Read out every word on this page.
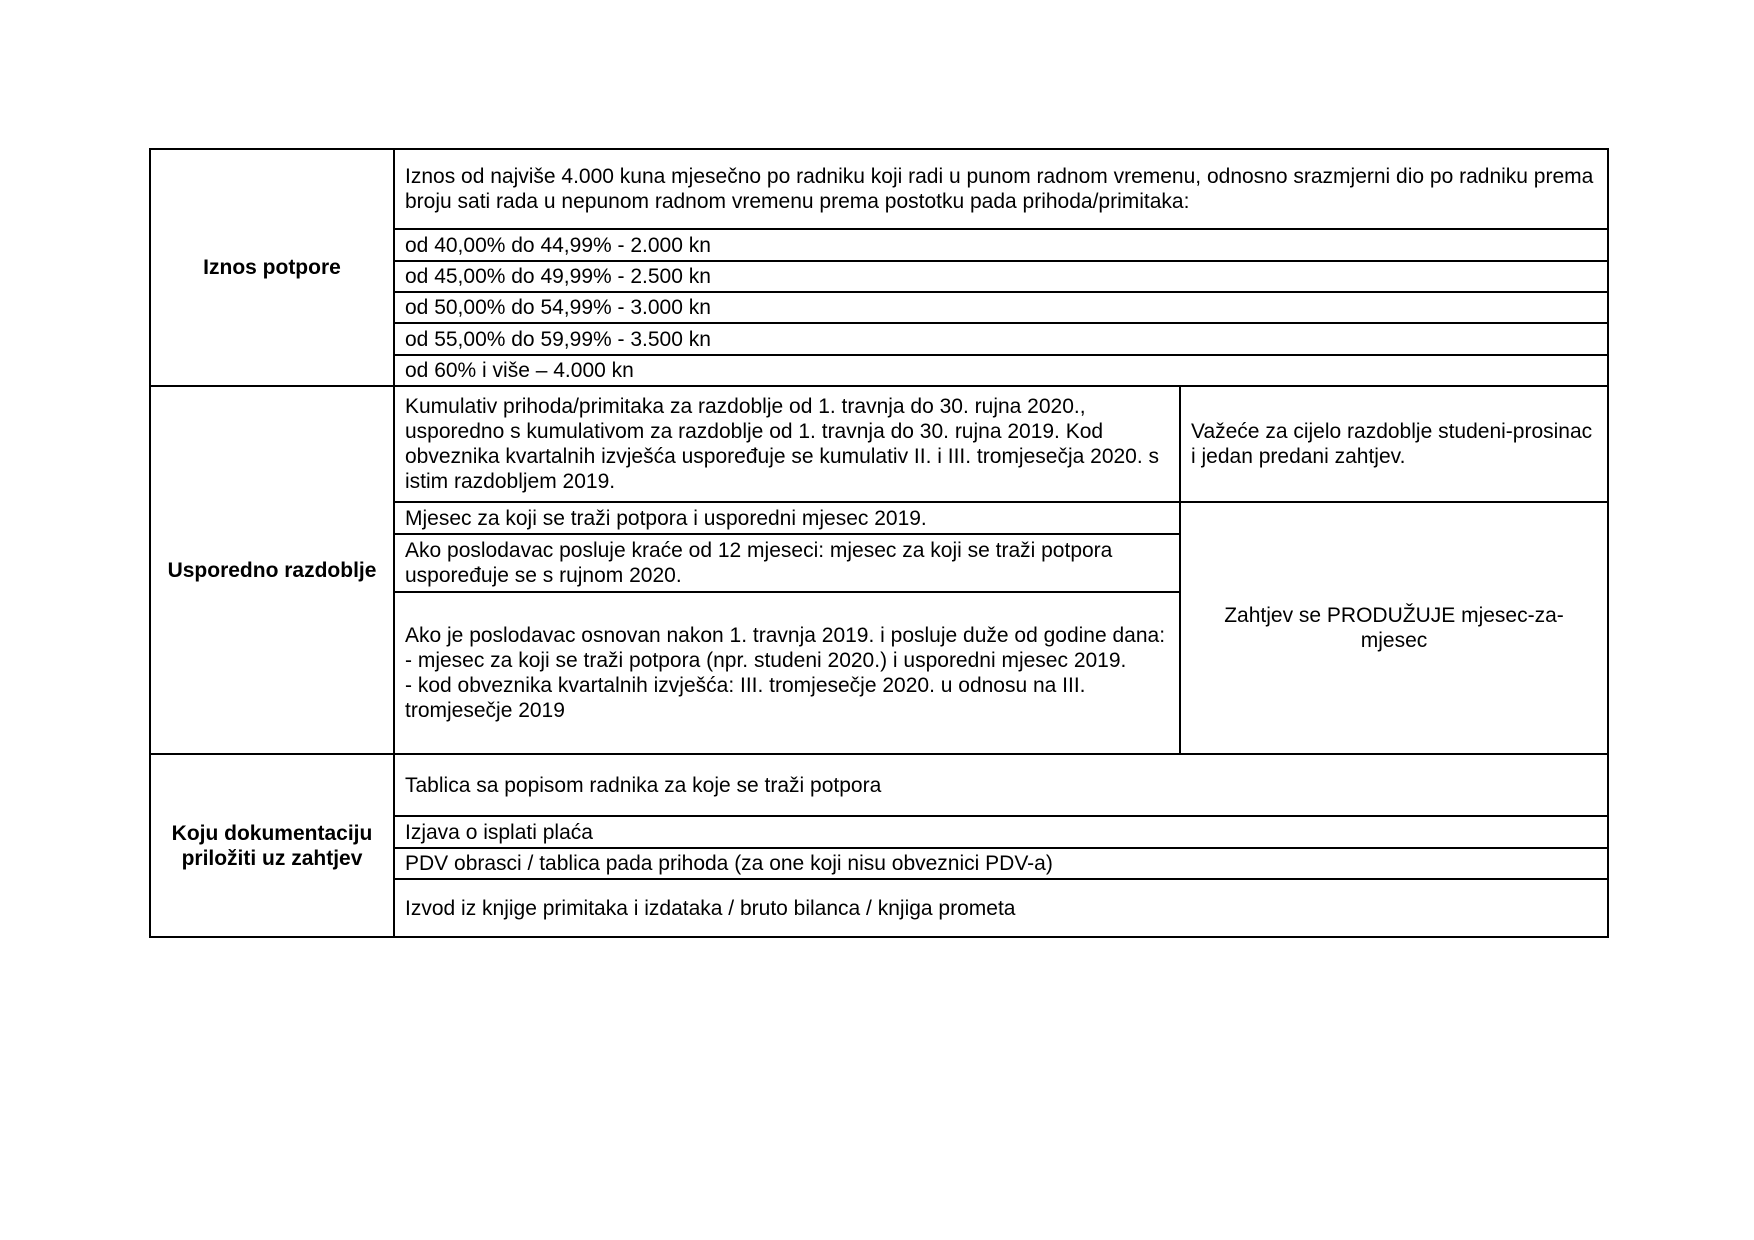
Iznos potpore	Iznos od najviše 4.000 kuna mjesečno po radniku koji radi u punom radnom vremenu, odnosno srazmjerni dio po radniku prema broju sati rada u nepunom radnom vremenu prema postotku pada prihoda/primitaka:	
	od 40,00% do 44,99% - 2.000 kn	
	od 45,00% do 49,99% - 2.500 kn	
	od 50,00% do 54,99% - 3.000 kn	
	od 55,00% do 59,99% - 3.500 kn	
	od 60% i više – 4.000 kn	
Usporedno razdoblje	Kumulativ prihoda/primitaka za razdoblje od 1. travnja do 30. rujna 2020., usporedno s kumulativom za razdoblje od 1. travnja do 30. rujna 2019. Kod obveznika kvartalnih izvješća uspoređuje se kumulativ II. i III. tromjesečja 2020. s istim razdobljem 2019.	Važeće za cijelo razdoblje studeni-prosinac i jedan predani zahtjev.
	Mjesec za koji se traži potpora i usporedni mjesec 2019.	Zahtjev se PRODUŽUJE mjesec-za-mjesec
	Ako poslodavac posluje kraće od 12 mjeseci: mjesec za koji se traži potpora uspoređuje se s rujnom 2020.	
	Ako je poslodavac osnovan nakon 1. travnja 2019. i posluje duže od godine dana:
- mjesec za koji se traži potpora (npr. studeni 2020.) i usporedni mjesec 2019.
- kod obveznika kvartalnih izvješća: III. tromjesečje 2020. u odnosu na III. tromjesečje 2019	
Koju dokumentaciju priložiti uz zahtjev	Tablica sa popisom radnika za koje se traži potpora	
	Izjava o isplati plaća	
	PDV obrasci / tablica pada prihoda (za one koji nisu obveznici PDV-a)	
	Izvod iz knjige primitaka i izdataka / bruto bilanca / knjiga prometa	
